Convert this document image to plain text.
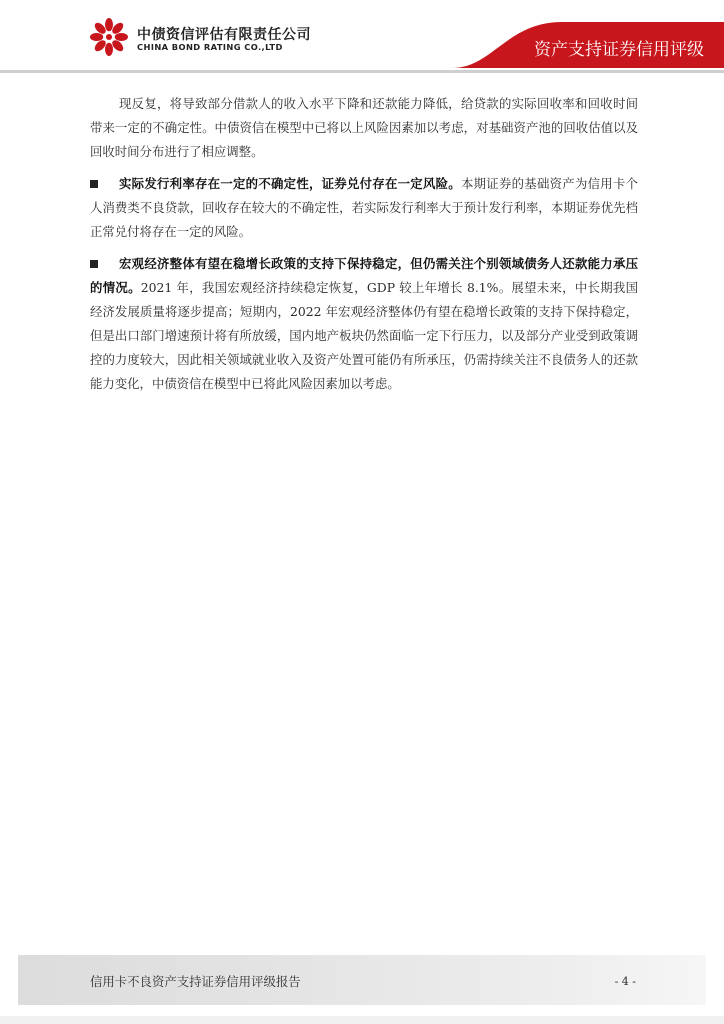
中债资信评估有限责任公司
CHINA BOND RATING CO.,LTD	资产支持证券信用评级

现反复，将导致部分借款人的收入水平下降和还款能力降低，给贷款的实际回收率和回收时间带来一定的不确定性。中债资信在模型中已将以上风险因素加以考虑，对基础资产池的回收估值以及回收时间分布进行了相应调整。

实际发行利率存在一定的不确定性，证券兑付存在一定风险。本期证券的基础资产为信用卡个人消费类不良贷款，回收存在较大的不确定性，若实际发行利率大于预计发行利率，本期证券优先档正常兑付将存在一定的风险。

宏观经济整体有望在稳增长政策的支持下保持稳定，但仍需关注个别领域债务人还款能力承压的情况。2021 年，我国宏观经济持续稳定恢复，GDP 较上年增长 8.1%。展望未来，中长期我国经济发展质量将逐步提高；短期内，2022 年宏观经济整体仍有望在稳增长政策的支持下保持稳定，但是出口部门增速预计将有所放缓，国内地产板块仍然面临一定下行压力，以及部分产业受到政策调控的力度较大，因此相关领域就业收入及资产处置可能仍有所承压，仍需持续关注不良债务人的还款能力变化，中债资信在模型中已将此风险因素加以考虑。

信用卡不良资产支持证券信用评级报告	- 4 -
